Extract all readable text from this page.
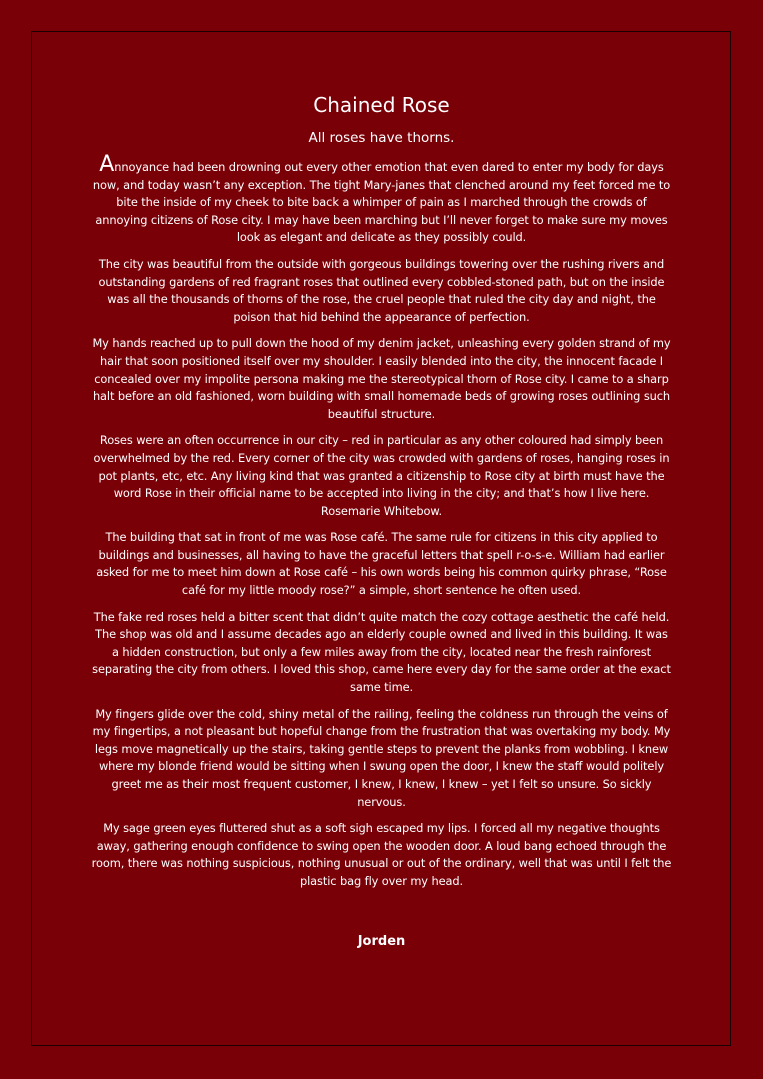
Chained Rose
All roses have thorns.

Annoyance had been drowning out every other emotion that even dared to enter my body for days now, and today wasn’t any exception. The tight Mary-janes that clenched around my feet forced me to bite the inside of my cheek to bite back a whimper of pain as I marched through the crowds of annoying citizens of Rose city. I may have been marching but I’ll never forget to make sure my moves look as elegant and delicate as they possibly could.

The city was beautiful from the outside with gorgeous buildings towering over the rushing rivers and outstanding gardens of red fragrant roses that outlined every cobbled-stoned path, but on the inside was all the thousands of thorns of the rose, the cruel people that ruled the city day and night, the poison that hid behind the appearance of perfection.

My hands reached up to pull down the hood of my denim jacket, unleashing every golden strand of my hair that soon positioned itself over my shoulder. I easily blended into the city, the innocent facade I concealed over my impolite persona making me the stereotypical thorn of Rose city. I came to a sharp halt before an old fashioned, worn building with small homemade beds of growing roses outlining such beautiful structure.

Roses were an often occurrence in our city – red in particular as any other coloured had simply been overwhelmed by the red. Every corner of the city was crowded with gardens of roses, hanging roses in pot plants, etc, etc. Any living kind that was granted a citizenship to Rose city at birth must have the word Rose in their official name to be accepted into living in the city; and that’s how I live here. Rosemarie Whitebow.

The building that sat in front of me was Rose café. The same rule for citizens in this city applied to buildings and businesses, all having to have the graceful letters that spell r-o-s-e. William had earlier asked for me to meet him down at Rose café – his own words being his common quirky phrase, “Rose café for my little moody rose?” a simple, short sentence he often used.

The fake red roses held a bitter scent that didn’t quite match the cozy cottage aesthetic the café held. The shop was old and I assume decades ago an elderly couple owned and lived in this building. It was a hidden construction, but only a few miles away from the city, located near the fresh rainforest separating the city from others. I loved this shop, came here every day for the same order at the exact same time.

My fingers glide over the cold, shiny metal of the railing, feeling the coldness run through the veins of my fingertips, a not pleasant but hopeful change from the frustration that was overtaking my body. My legs move magnetically up the stairs, taking gentle steps to prevent the planks from wobbling. I knew where my blonde friend would be sitting when I swung open the door, I knew the staff would politely greet me as their most frequent customer, I knew, I knew, I knew – yet I felt so unsure. So sickly nervous.

My sage green eyes fluttered shut as a soft sigh escaped my lips. I forced all my negative thoughts away, gathering enough confidence to swing open the wooden door. A loud bang echoed through the room, there was nothing suspicious, nothing unusual or out of the ordinary, well that was until I felt the plastic bag fly over my head.

Jorden
